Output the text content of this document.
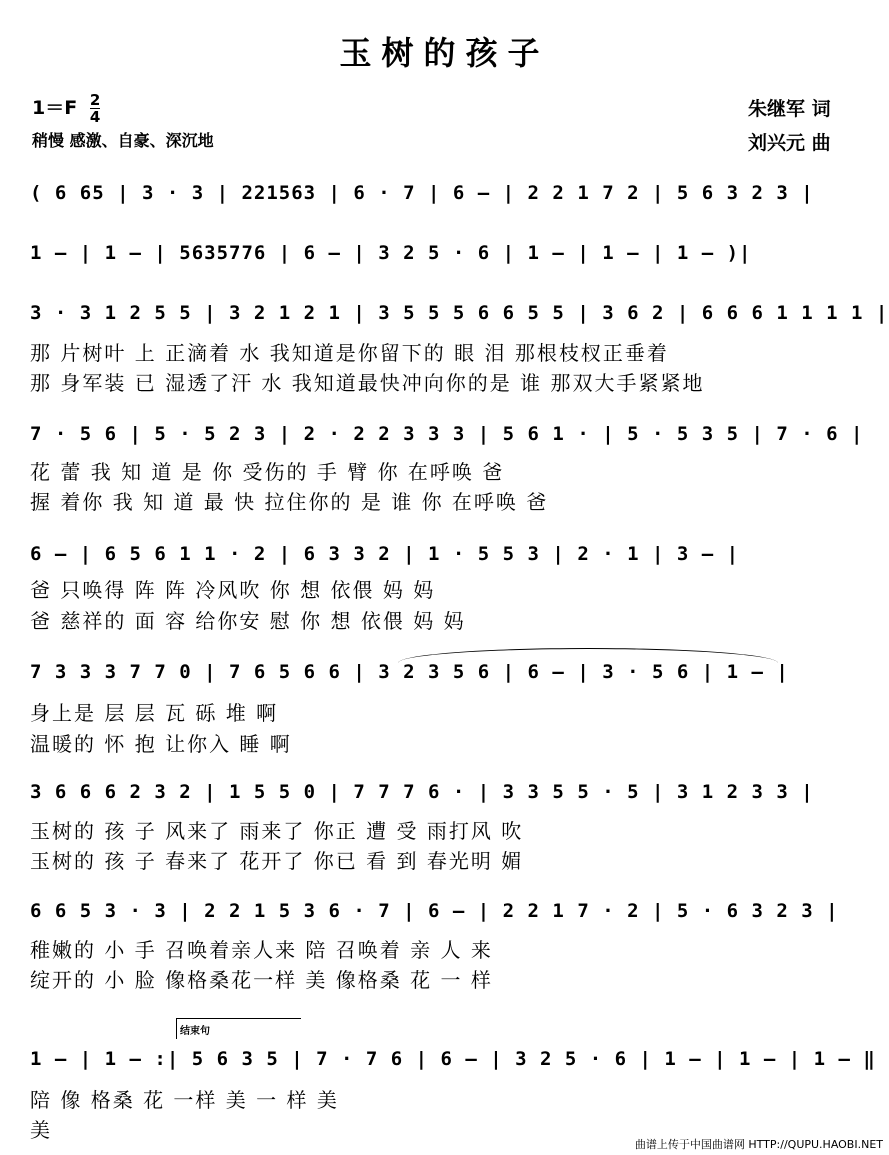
玉树的孩子
$1=F \frac{2}{4}$
稍慢 感激、自豪、深沉地
朱继军 词
刘兴元 曲
( 6 65 | 3 · 3 | 221563 | 6 · 7 | 6 — | 2 2 1 7 2 | 5 6 3 2 3 |
1 — | 1 — | 5635776 | 6 — | 3 2 5 · 6 | 1 — | 1 — | 1 — )|
3 · 3 1 2 5 5 | 3 2 1 2 1 | 3 5 5 5 6 6 5 5 | 3 6 2 | 6 6 6 1 1 1 1 |
那 片树叶 上 正滴着 水 我知道是你留下的 眼 泪 那根枝杈正垂着
那 身军装 已 湿透了汗 水 我知道最快冲向你的是 谁 那双大手紧紧地
7 · 5 6 | 5 · 5 2 3 | 2 · 2 2 3 3 3 | 5 6 1 · | 5 · 5 3 5 | 7 · 6 |
花 蕾 我 知 道 是 你 受伤的 手 臂 你 在呼唤 爸
握 着你 我 知 道 最 快 拉住你的 是 谁 你 在呼唤 爸
6 — | 6 5 6 1 1 · 2 | 6 3 3 2 | 1 · 5 5 3 | 2 · 1 | 3 — |
爸 只唤得 阵 阵 冷风吹 你 想 依偎 妈 妈
爸 慈祥的 面 容 给你安 慰 你 想 依偎 妈 妈
7 3 3 3 7 7 0 | 7 6 5 6 6 | 3 2 3 5 6 | 6 — | 3 · 5 6 | 1 — |
身上是 层 层 瓦 砾 堆 啊
温暖的 怀 抱 让你入 睡 啊
3 6 6 6 2 3 2 | 1 5 5 0 | 7 7 7 6 · | 3 3 5 5 · 5 | 3 1 2 3 3 |
玉树的 孩 子 风来了 雨来了 你正 遭 受 雨打风 吹
玉树的 孩 子 春来了 花开了 你已 看 到 春光明 媚
6 6 5 3 · 3 | 2 2 1 5 3 6 · 7 | 6 — | 2 2 1 7 · 2 | 5 · 6 3 2 3 |
稚嫩的 小 手 召唤着亲人来 陪 召唤着 亲 人 来
绽开的 小 脸 像格桑花一样 美 像格桑 花 一 样
结束句
1 — | 1 — :| 5 6 3 5 | 7 · 7 6 | 6 — | 3 2 5 · 6 | 1 — | 1 — | 1 — ‖
陪 像 格桑 花 一样 美 一 样 美
美
曲谱上传于中国曲谱网 HTTP://QUPU.HAOBI.NET
